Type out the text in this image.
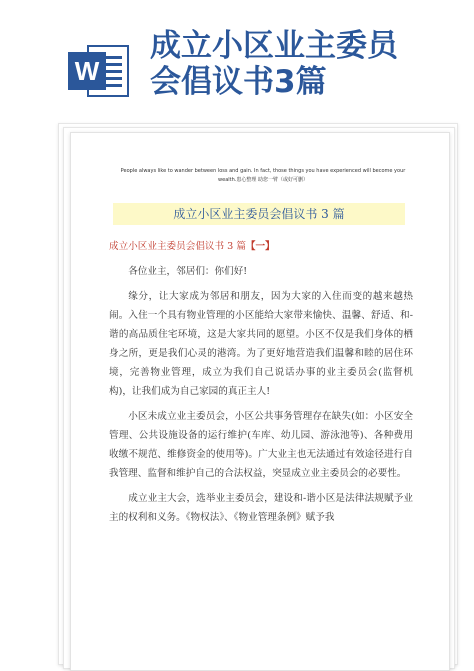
W
成立小区业主委员
会倡议书3篇
People always like to wander between loss and gain. In fact, those things you have experienced will become your
wealth.患心整理 助您一臂（或好可删）
成立小区业主委员会倡议书 3 篇
成立小区业主委员会倡议书 3 篇【一】

各位业主，邻居们：你们好!

缘分，让大家成为邻居和朋友，因为大家的入住而变的越来越热闹。入住一个具有物业管理的小区能给大家带来愉快、温馨、舒适、和-谐的高品质住宅环境，这是大家共同的愿望。小区不仅是我们身体的栖身之所，更是我们心灵的港湾。为了更好地营造我们温馨和睦的居住环境，完善物业管理，成立为我们自己说话办事的业主委员会(监督机构)，让我们成为自己家园的真正主人!

小区未成立业主委员会，小区公共事务管理存在缺失(如：小区安全管理、公共设施设备的运行维护(车库、幼儿园、游泳池等)、各种费用收缴不规范、维修资金的使用等)。广大业主也无法通过有效途径进行自我管理、监督和维护自己的合法权益，突显成立业主委员会的必要性。

成立业主大会，选举业主委员会，建设和-谐小区是法律法规赋予业主的权利和义务。《物权法》、《物业管理条例》赋予我
